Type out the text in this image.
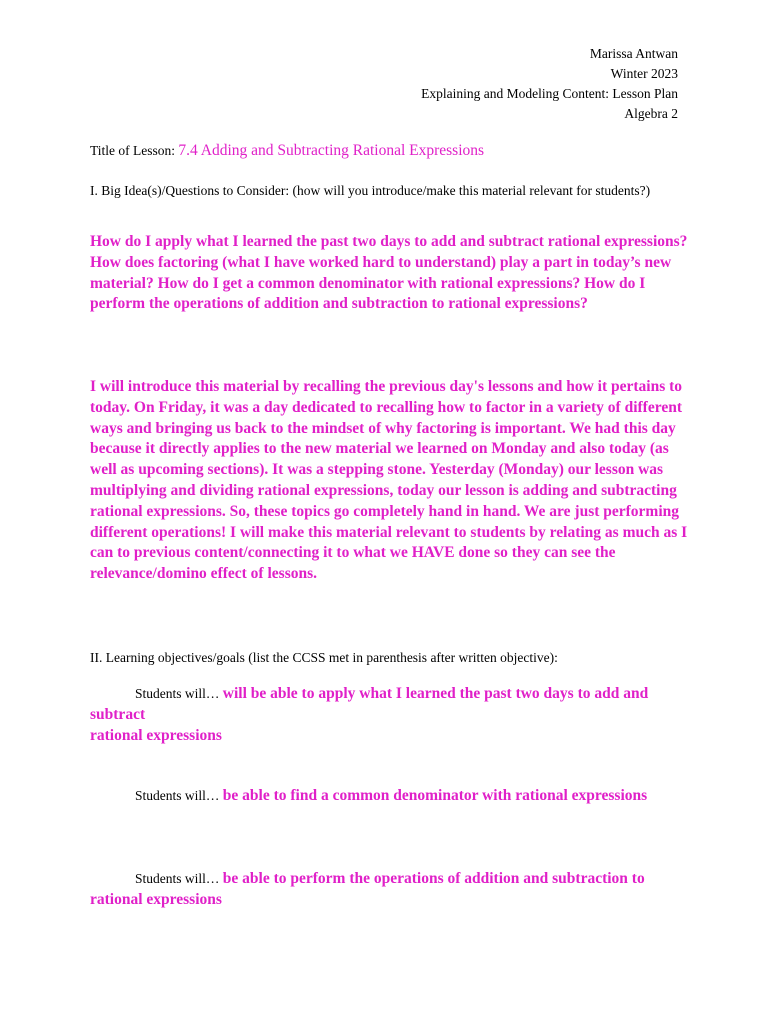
Marissa Antwan
Winter 2023
Explaining and Modeling Content: Lesson Plan
Algebra 2
Title of Lesson: 7.4 Adding and Subtracting Rational Expressions
I. Big Idea(s)/Questions to Consider: (how will you introduce/make this material relevant for students?)
How do I apply what I learned the past two days to add and subtract rational expressions? How does factoring (what I have worked hard to understand) play a part in today’s new material? How do I get a common denominator with rational expressions? How do I perform the operations of addition and subtraction to rational expressions?
I will introduce this material by recalling the previous day's lessons and how it pertains to today. On Friday, it was a day dedicated to recalling how to factor in a variety of different ways and bringing us back to the mindset of why factoring is important. We had this day because it directly applies to the new material we learned on Monday and also today (as well as upcoming sections). It was a stepping stone. Yesterday (Monday) our lesson was multiplying and dividing rational expressions, today our lesson is adding and subtracting rational expressions. So, these topics go completely hand in hand. We are just performing different operations! I will make this material relevant to students by relating as much as I can to previous content/connecting it to what we HAVE done so they can see the relevance/domino effect of lessons.
II. Learning objectives/goals (list the CCSS met in parenthesis after written objective):
Students will… will be able to apply what I learned the past two days to add and subtract
rational expressions
Students will… be able to find a common denominator with rational expressions
Students will… be able to perform the operations of addition and subtraction to rational expressions
